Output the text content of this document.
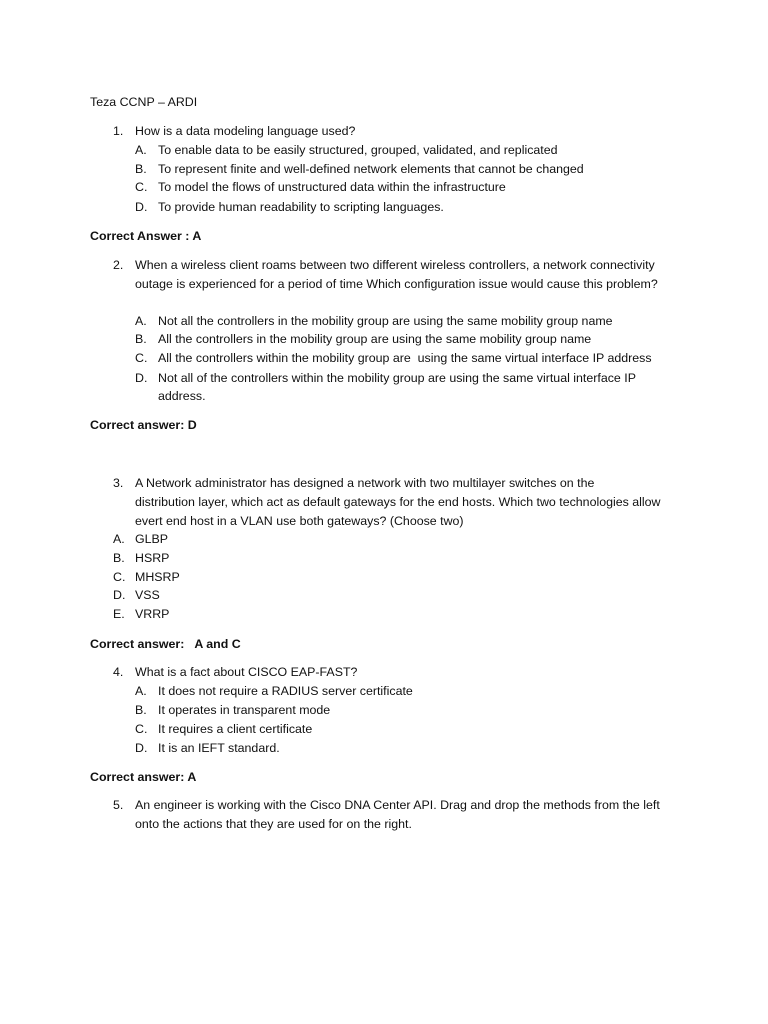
Teza CCNP – ARDI
1. How is a data modeling language used?
A. To enable data to be easily structured, grouped, validated, and replicated
B. To represent finite and well-defined network elements that cannot be changed
C. To model the flows of unstructured data within the infrastructure
D. To provide human readability to scripting languages.
Correct Answer : A
2. When a wireless client roams between two different wireless controllers, a network connectivity
outage is experienced for a period of time Which configuration issue would cause this problem?
A. Not all the controllers in the mobility group are using the same mobility group name
B. All the controllers in the mobility group are using the same mobility group name
C. All the controllers within the mobility group are  using the same virtual interface IP address
D. Not all of the controllers within the mobility group are using the same virtual interface IP
address.
Correct answer: D
3. A Network administrator has designed a network with two multilayer switches on the
distribution layer, which act as default gateways for the end hosts. Which two technologies allow
evert end host in a VLAN use both gateways? (Choose two)
A. GLBP
B. HSRP
C. MHSRP
D. VSS
E. VRRP
Correct answer: A and C
4. What is a fact about CISCO EAP-FAST?
A. It does not require a RADIUS server certificate
B. It operates in transparent mode
C. It requires a client certificate
D. It is an IEFT standard.
Correct answer: A
5. An engineer is working with the Cisco DNA Center API. Drag and drop the methods from the left
onto the actions that they are used for on the right.
